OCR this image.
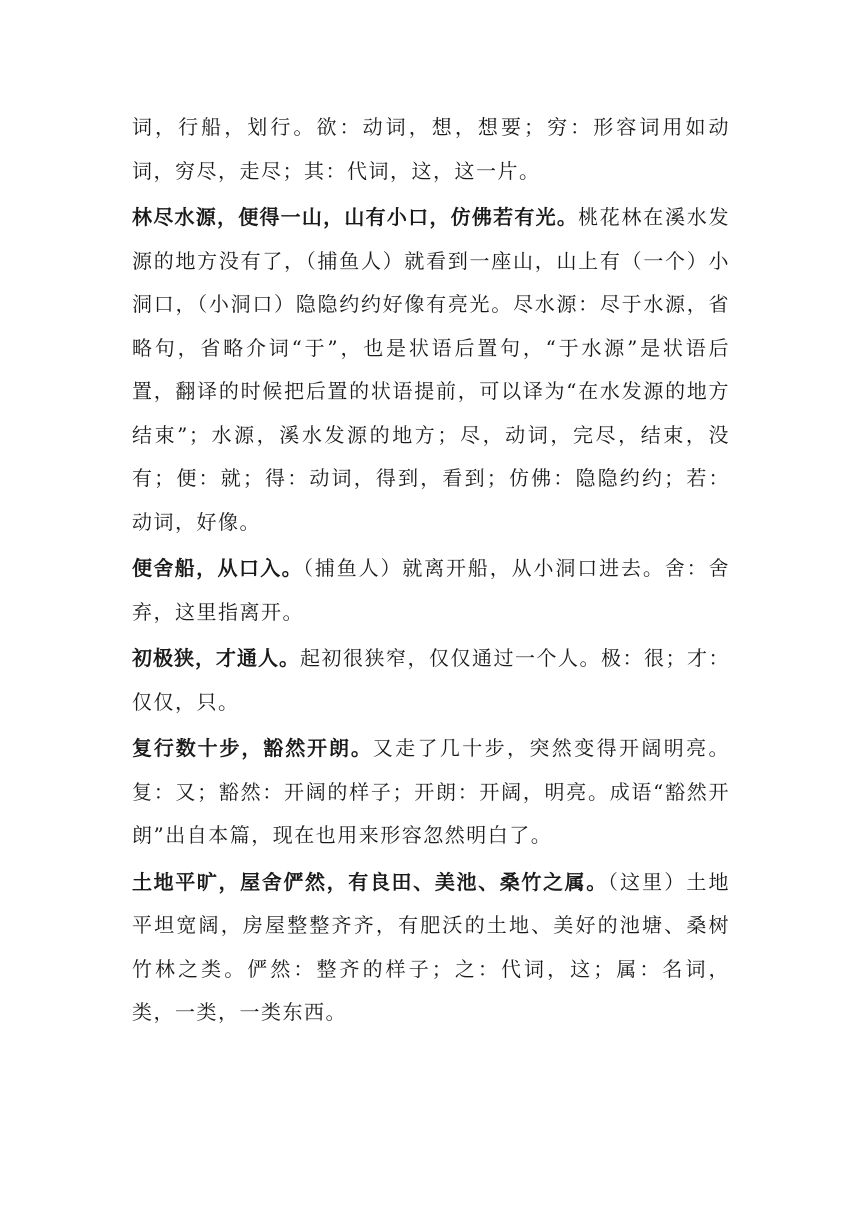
词，行船，划行。欲：动词，想，想要；穷：形容词用如动词，穷尽，走尽；其：代词，这，这一片。

林尽水源，便得一山，山有小口，仿佛若有光。桃花林在溪水发源的地方没有了，（捕鱼人）就看到一座山，山上有（一个）小洞口，（小洞口）隐隐约约好像有亮光。尽水源：尽于水源，省略句，省略介词“于”，也是状语后置句，“于水源”是状语后置，翻译的时候把后置的状语提前，可以译为“在水发源的地方结束”；水源，溪水发源的地方；尽，动词，完尽，结束，没有；便：就；得：动词，得到，看到；仿佛：隐隐约约；若：动词，好像。

便舍船，从口入。（捕鱼人）就离开船，从小洞口进去。舍：舍弃，这里指离开。

初极狭，才通人。起初很狭窄，仅仅通过一个人。极：很；才：仅仅，只。

复行数十步，豁然开朗。又走了几十步，突然变得开阔明亮。复：又；豁然：开阔的样子；开朗：开阔，明亮。成语“豁然开朗”出自本篇，现在也用来形容忽然明白了。

土地平旷，屋舍俨然，有良田、美池、桑竹之属。（这里）土地平坦宽阔，房屋整整齐齐，有肥沃的土地、美好的池塘、桑树竹林之类。俨然：整齐的样子；之：代词，这；属：名词，类，一类，一类东西。
